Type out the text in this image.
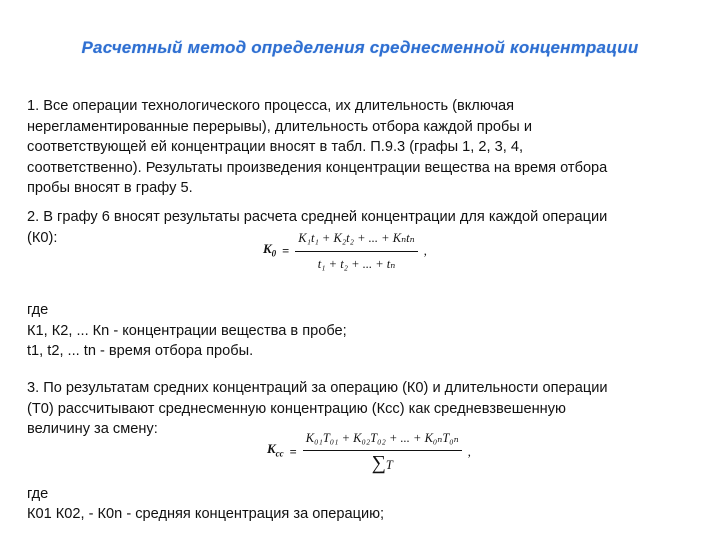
Расчетный метод определения среднесменной концентрации
1. Все операции технологического процесса, их длительность (включая
нерегламентированные перерывы), длительность отбора каждой пробы и
соответствующей ей концентрации вносят в табл. П.9.3 (графы 1, 2, 3, 4,
соответственно). Результаты произведения концентрации вещества на время отбора
пробы вносят в графу 5.
2. В графу 6 вносят результаты расчета средней концентрации для каждой операции
(К0):
$K_0 = \frac{\text{K₁t₁ + K₂t₂ + ... + Kₙtₙ}}{\text{t₁ + t₂ + ... + tₙ}}$ ,
где
К1, К2, ... Кn - концентрации вещества в пробе;
t1, t2, ... tn - время отбора пробы.
3. По результатам средних концентраций за операцию (К0) и длительности операции
(Т0) рассчитывают среднесменную концентрацию (Кcc) как средневзвешенную
величину за смену:
$K_{cc} = \frac{\text{K₀₁T₀₁ + K₀₂T₀₂ + ... + K₀ₙT₀ₙ}}{\sum T}$ ,
где
К01 К02, - К0n - средняя концентрация за операцию;
